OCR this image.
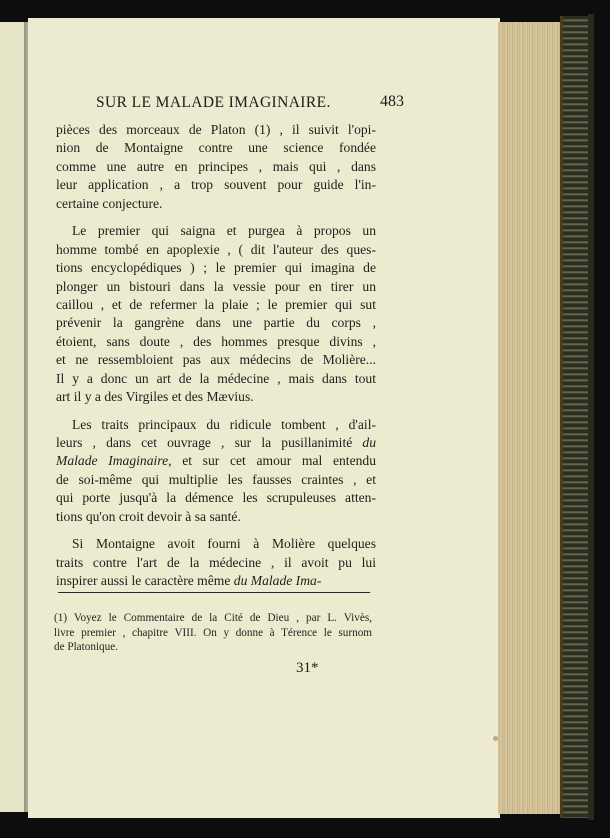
SUR LE MALADE IMAGINAIRE.	483
pièces des morceaux de Platon (1) , il suivit l'opi-
nion de Montaigne contre une science fondée
comme une autre en principes , mais qui , dans
leur application , a trop souvent pour guide l'in-
certaine conjecture.
Le premier qui saigna et purgea à propos un
homme tombé en apoplexie , ( dit l'auteur des ques-
tions encyclopédiques ) ; le premier qui imagina de
plonger un bistouri dans la vessie pour en tirer un
caillou , et de refermer la plaie ; le premier qui sut
prévenir la gangrène dans une partie du corps ,
étoient, sans doute , des hommes presque divins ,
et ne ressembloient pas aux médecins de Molière...
Il y a donc un art de la médecine , mais dans tout
art il y a des Virgiles et des Mævius.
Les traits principaux du ridicule tombent , d'ail-
leurs , dans cet ouvrage , sur la pusillanimité du
Malade Imaginaire, et sur cet amour mal entendu
de soi-même qui multiplie les fausses craintes , et
qui porte jusqu'à la démence les scrupuleuses atten-
tions qu'on croit devoir à sa santé.
Si Montaigne avoit fourni à Molière quelques
traits contre l'art de la médecine , il avoit pu lui
inspirer aussi le caractère même du Malade Ima-
(1) Voyez le Commentaire de la Cité de Dieu , par L. Vivès,
livre premier , chapitre VIII. On y donne à Térence le surnom
de Platonique.
31*
